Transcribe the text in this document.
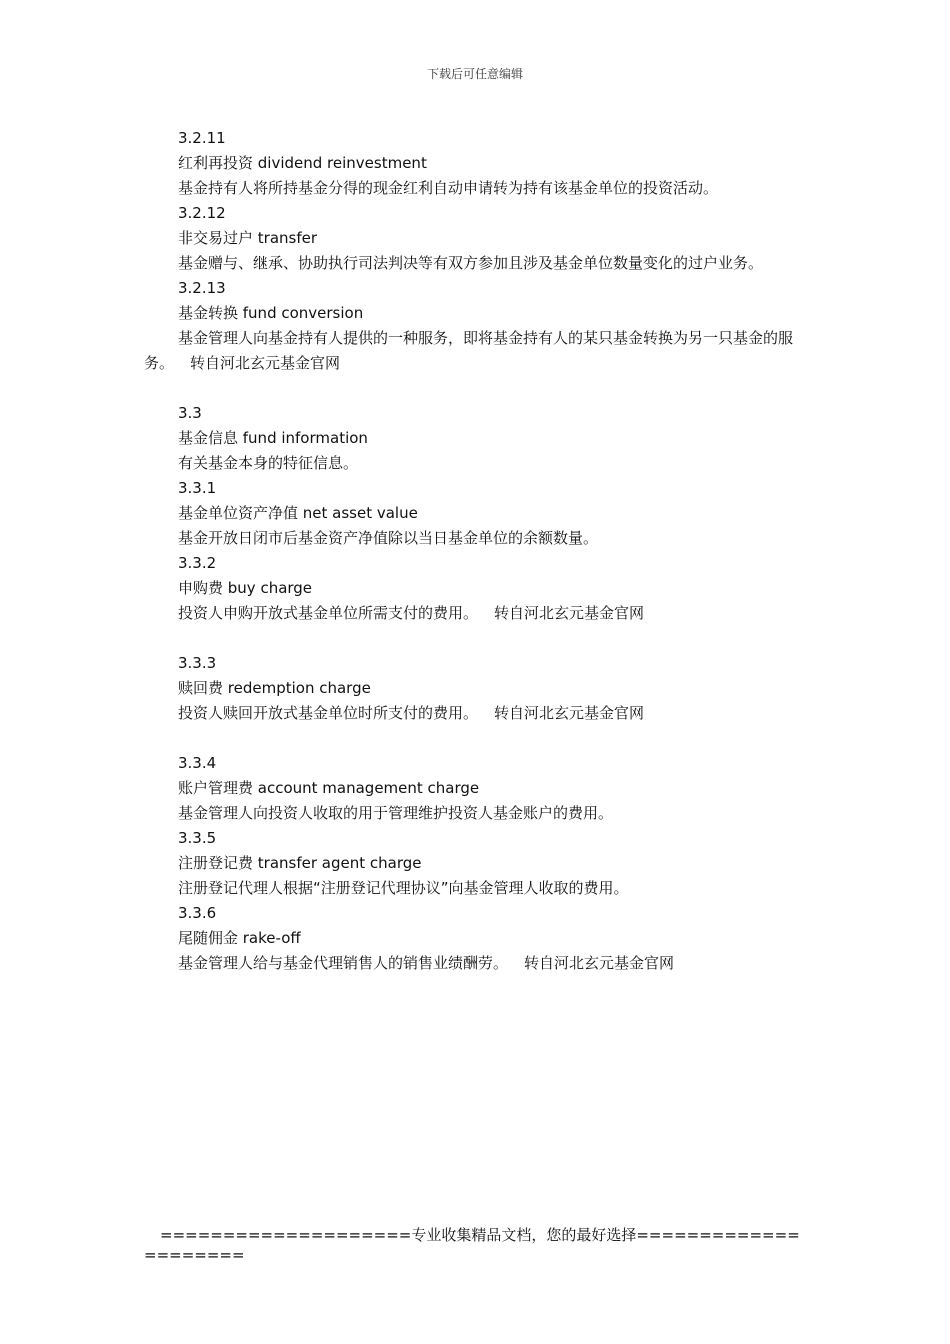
下载后可任意编辑

3.2.11

红利再投资 dividend reinvestment

基金持有人将所持基金分得的现金红利自动申请转为持有该基金单位的投资活动。

3.2.12

非交易过户 transfer

基金赠与、继承、协助执行司法判决等有双方参加且涉及基金单位数量变化的过户业务。

3.2.13

基金转换 fund conversion

基金管理人向基金持有人提供的一种服务，即将基金持有人的某只基金转换为另一只基金的服务。 转自河北玄元基金官网

3.3

基金信息 fund information

有关基金本身的特征信息。

3.3.1

基金单位资产净值 net asset value

基金开放日闭市后基金资产净值除以当日基金单位的余额数量。

3.3.2

申购费 buy charge

投资人申购开放式基金单位所需支付的费用。 转自河北玄元基金官网

3.3.3

赎回费 redemption charge

投资人赎回开放式基金单位时所支付的费用。 转自河北玄元基金官网

3.3.4

账户管理费 account management charge

基金管理人向投资人收取的用于管理维护投资人基金账户的费用。

3.3.5

注册登记费 transfer agent charge

注册登记代理人根据“注册登记代理协议”向基金管理人收取的费用。

3.3.6

尾随佣金 rake-off

基金管理人给与基金代理销售人的销售业绩酬劳。 转自河北玄元基金官网

====================专业收集精品文档，您的最好选择=====================
